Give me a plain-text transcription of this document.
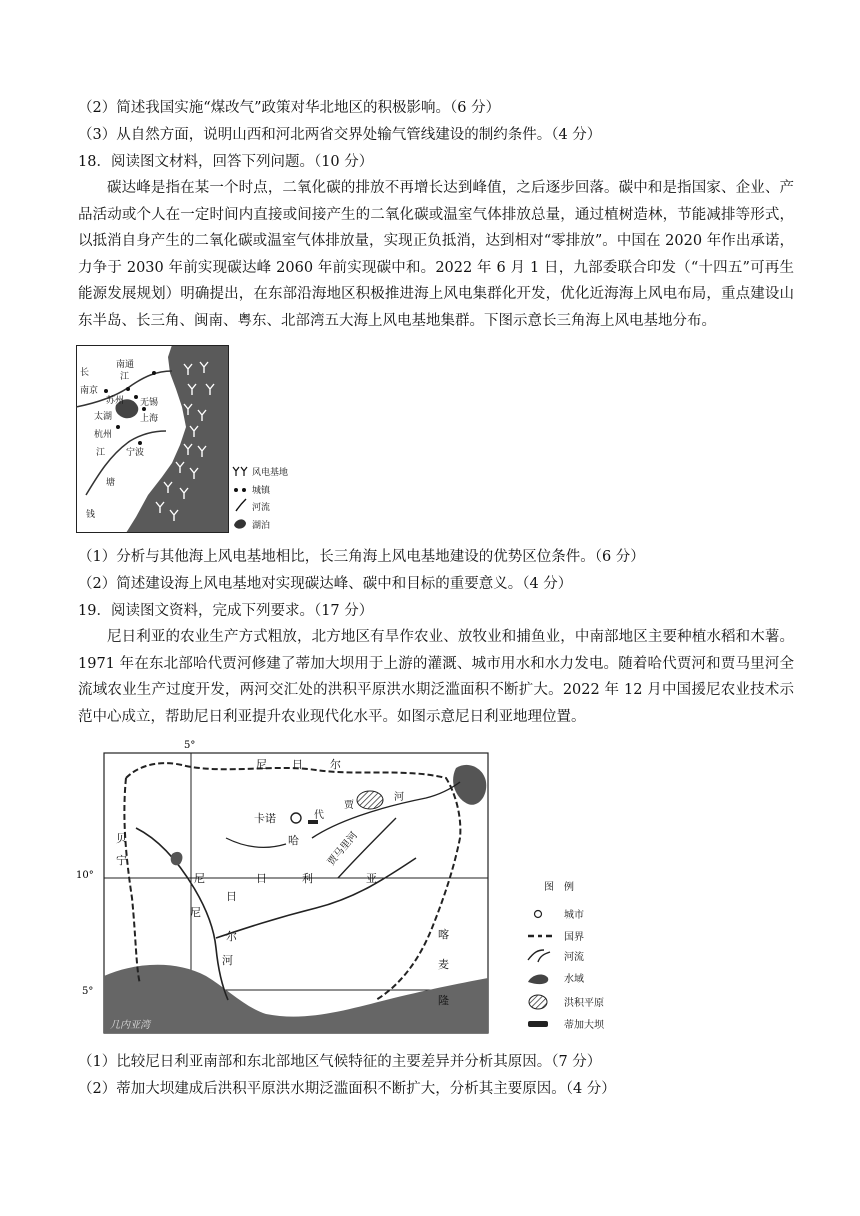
（2）简述我国实施“煤改气”政策对华北地区的积极影响。（6 分）
（3）从自然方面，说明山西和河北两省交界处输气管线建设的制约条件。（4 分）
18．阅读图文材料，回答下列问题。（10 分）
碳达峰是指在某一个时点，二氧化碳的排放不再增长达到峰值，之后逐步回落。碳中和是指国家、企业、产品活动或个人在一定时间内直接或间接产生的二氧化碳或温室气体排放总量，通过植树造林，节能减排等形式，以抵消自身产生的二氧化碳或温室气体排放量，实现正负抵消，达到相对“零排放”。中国在 2020 年作出承诺，力争于 2030 年前实现碳达峰 2060 年前实现碳中和。2022 年 6 月 1 日，九部委联合印发（“十四五”可再生能源发展规划）明确提出，在东部沿海地区积极推进海上风电集群化开发，优化近海海上风电布局，重点建设山东半岛、长三角、闽南、粤东、北部湾五大海上风电基地集群。下图示意长三角海上风电基地分布。
长
南通
江
南京
苏州 无锡
太湖	上海
杭州
宁波
江
塘
钱
风电基地
城镇
河流
湖泊
（1）分析与其他海上风电基地相比，长三角海上风电基地建设的优势区位条件。（6 分）
（2）简述建设海上风电基地对实现碳达峰、碳中和目标的重要意义。（4 分）
19．阅读图文资料，完成下列要求。（17 分）
尼日利亚的农业生产方式粗放，北方地区有旱作农业、放牧业和捕鱼业，中南部地区主要种植水稻和木薯。1971 年在东北部哈代贾河修建了蒂加大坝用于上游的灌溉、城市用水和水力发电。随着哈代贾河和贾马里河全流域农业生产过度开发，两河交汇处的洪积平原洪水期泛滥面积不断扩大。2022 年 12 月中国援尼农业技术示范中心成立，帮助尼日利亚提升农业现代化水平。如图示意尼日利亚地理位置。
5°
10°
5°
尼 日 尔
卡诺
哈
代
贾
河
贾马里河
贝
宁
尼	日	利	亚
尼
日
尔
河
喀
麦
隆
几内亚湾
图　例
城市
国界
河流
水域
洪积平原
蒂加大坝
（1）比较尼日利亚南部和东北部地区气候特征的主要差异并分析其原因。（7 分）
（2）蒂加大坝建成后洪积平原洪水期泛滥面积不断扩大，分析其主要原因。（4 分）
